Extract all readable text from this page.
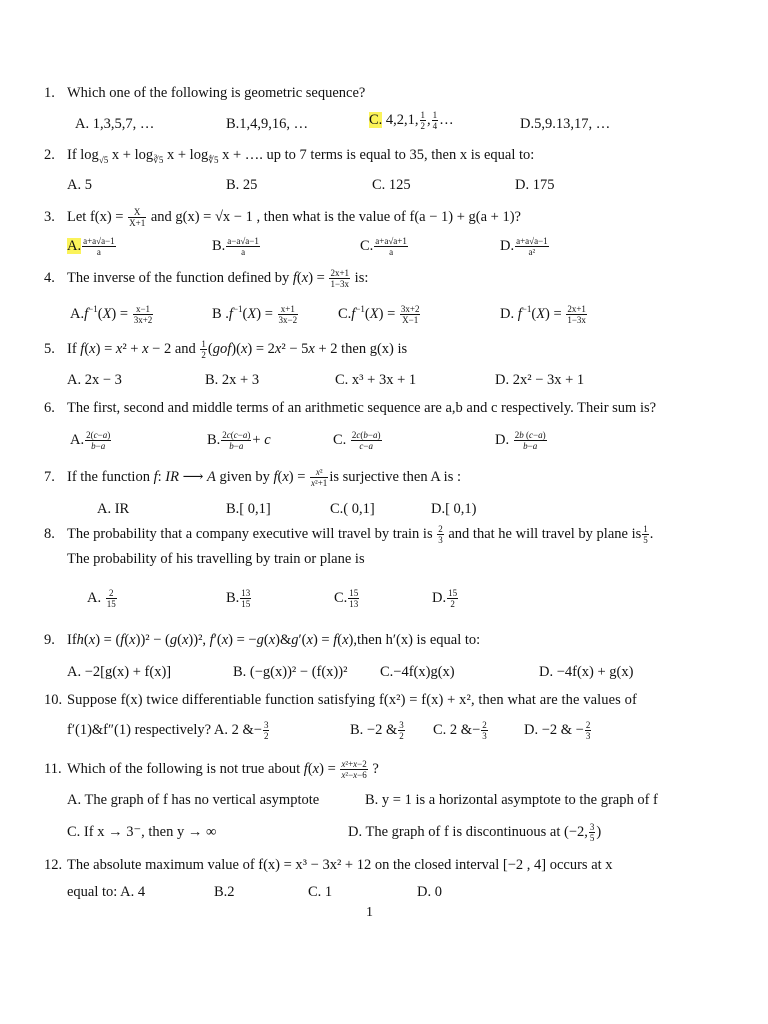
1. Which one of the following is geometric sequence?
A. 1,3,5,7, …	B.1,4,9,16, …	C. 4,2,1, $\frac{1}{2}$ , $\frac{1}{4}$ …	D.5,9.13,17, …
2. If $\log_{√5} x + \log_{∛5} x + \log_{∜5} x$ + …. up to 7 terms is equal to 35, then x is equal to:
A. 5	B. 25	C. 125	D. 175
3. Let $f(x) = \frac{X}{X+1}$ and g(x) = √x − 1 , then what is the value of f(a − 1) + g(a + 1)?
A. $\frac{a+a√a-1}{a}$	B. $\frac{a-a√a-1}{a}$	C. $\frac{a+a√a+1}{a}$	D. $\frac{a+a√a-1}{\text{a²}}$
4. The inverse of the function defined by $f(x) = \frac{2x+1}{1-3x}$ is:
$A.f^{-1}(X) = \frac{x-1}{3x+2}$	B $.f^{-1}(X) = \frac{x+1}{3x-2}$	$C.f^{-1}(X) = \frac{3x+2}{X-1}$	D. $f^{-1}(X) = \frac{2x+1}{1-3x}$
5. If f(x) = x² + x − 2 and $\frac{1}{2} (gof)(x) = 2x^2 - 5x + 2$ then g(x) is
A. 2x − 3	B. 2x + 3	C. x³ + 3x + 1	D. 2x² − 3x + 1
6. The first, second and middle terms of an arithmetic sequence are a,b and c respectively. Their sum is?
A. $\frac{2(c-a)}{b-a}$	B. $\frac{2c(c-a)}{b-a} + c$	C. $\frac{2c(b-a)}{c-a}$	D. $\frac{2b (c-a)}{b-a}$
7. If the function f: IR ⟶ A given by $f(x) = \frac{\text{x²}}{\text{x²+1}}$ is surjective then A is :
A. IR	B.[ 0,1]	C.( 0,1]	D.[ 0,1)
8. The probability that a company executive will travel by train is $\frac{2}{3}$ and that he will travel by plane is $\frac{1}{5}$ .
The probability of his travelling by train or plane is
A. $\frac{2}{15}$	B. $\frac{13}{15}$	C. $\frac{15}{13}$	D. $\frac{15}{2}$
9. Ifh(x) = (f(x))² − (g(x))², f′(x) = −g(x)&g′(x) = f(x),then h′(x) is equal to:
A. −2[g(x) + f(x)]	B. (−g(x))² − (f(x))² C.−4f(x)g(x)	D. −4f(x) + g(x)
10. Suppose f(x) twice differentiable function satisfying f(x²) = f(x) + x², then what are the values of
f′(1)&f″(1) respectively? A. 2 &− $\frac{3}{2}$	B. −2 & $\frac{3}{2} C$. 2 &− $\frac{2}{3} D$. −2 & − $\frac{2}{3}$
11. Which of the following is not true about $f(x) = \frac{\text{x²+x−2}}{\text{x²−x−6}}$ ?
A. The graph of f has no vertical asymptote	B. y = 1 is a horizontal asymptote to the graph of f
C. If x → 3⁻, then y → ∞	D. The graph of f is discontinuous at (−2, $\frac{3}{5}$ )
12. The absolute maximum value of f(x) = x³ − 3x² + 12 on the closed interval [−2 , 4] occurs at x
equal to: A. 4	B.2	C. 1	D. 0
1
